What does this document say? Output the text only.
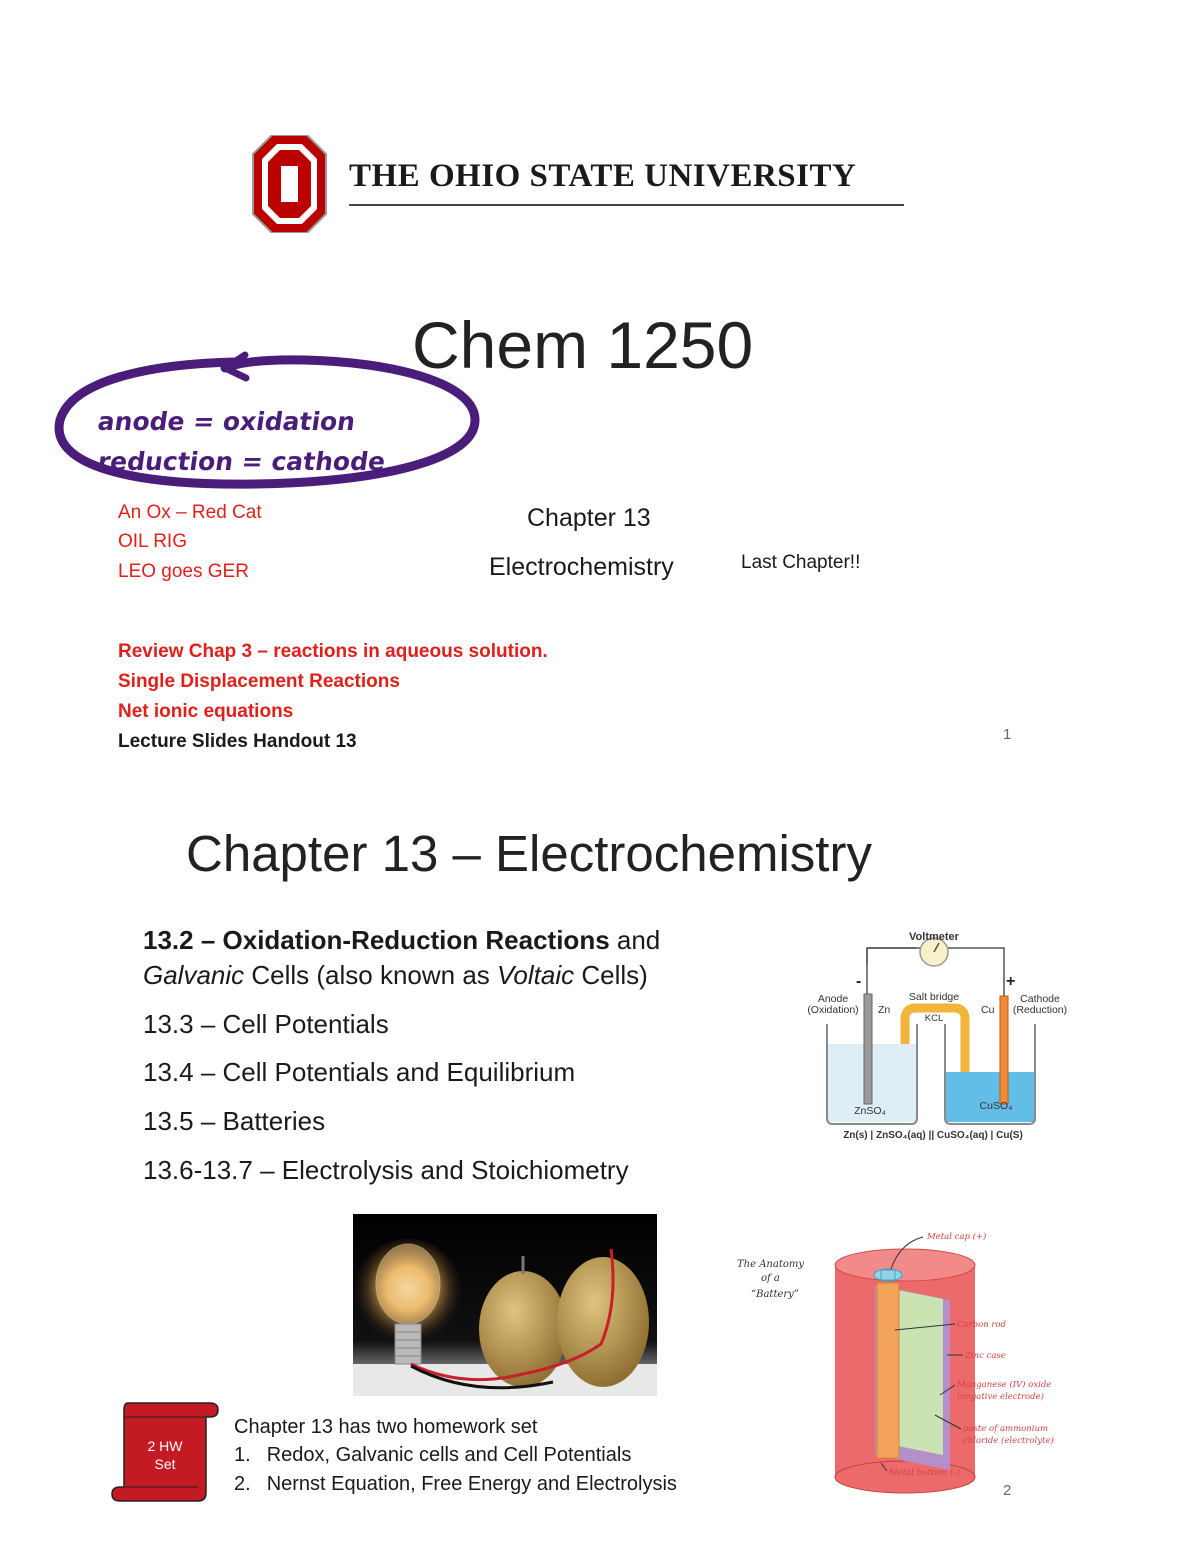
THE OHIO STATE UNIVERSITY
Chem 1250
An Ox – Red Cat
OIL RIG
LEO goes GER
anode = oxidation
reduction = cathode
Chapter 13
Electrochemistry	Last Chapter!!
Review Chap 3 – reactions in aqueous solution.
Single Displacement Reactions
Net ionic equations
Lecture Slides Handout 13	1
Chapter 13 – Electrochemistry
13.2 – Oxidation-Reduction Reactions and
Galvanic Cells (also known as Voltaic Cells)
13.3 – Cell Potentials
13.4 – Cell Potentials and Equilibrium
13.5 – Batteries
13.6-13.7 – Electrolysis and Stoichiometry
Voltmeter
-	+
Anode
(Oxidation)
Cathode
(Reduction)
Salt bridge
KCL
Zn
ZnSO₄
Cu
CuSO₄
Zn(s) | ZnSO₄(aq) || CuSO₄(aq) | Cu(S)
The Anatomy
of a
“Battery”
Metal cap (+)
Carbon rod
Zinc case
Manganese (IV) oxide
(negative electrode)
paste of ammonium
chloride (electrolyte)
Metal bottom (-)
2 HW
Set
Chapter 13 has two homework set
1. Redox, Galvanic cells and Cell Potentials
2. Nernst Equation, Free Energy and Electrolysis	2
